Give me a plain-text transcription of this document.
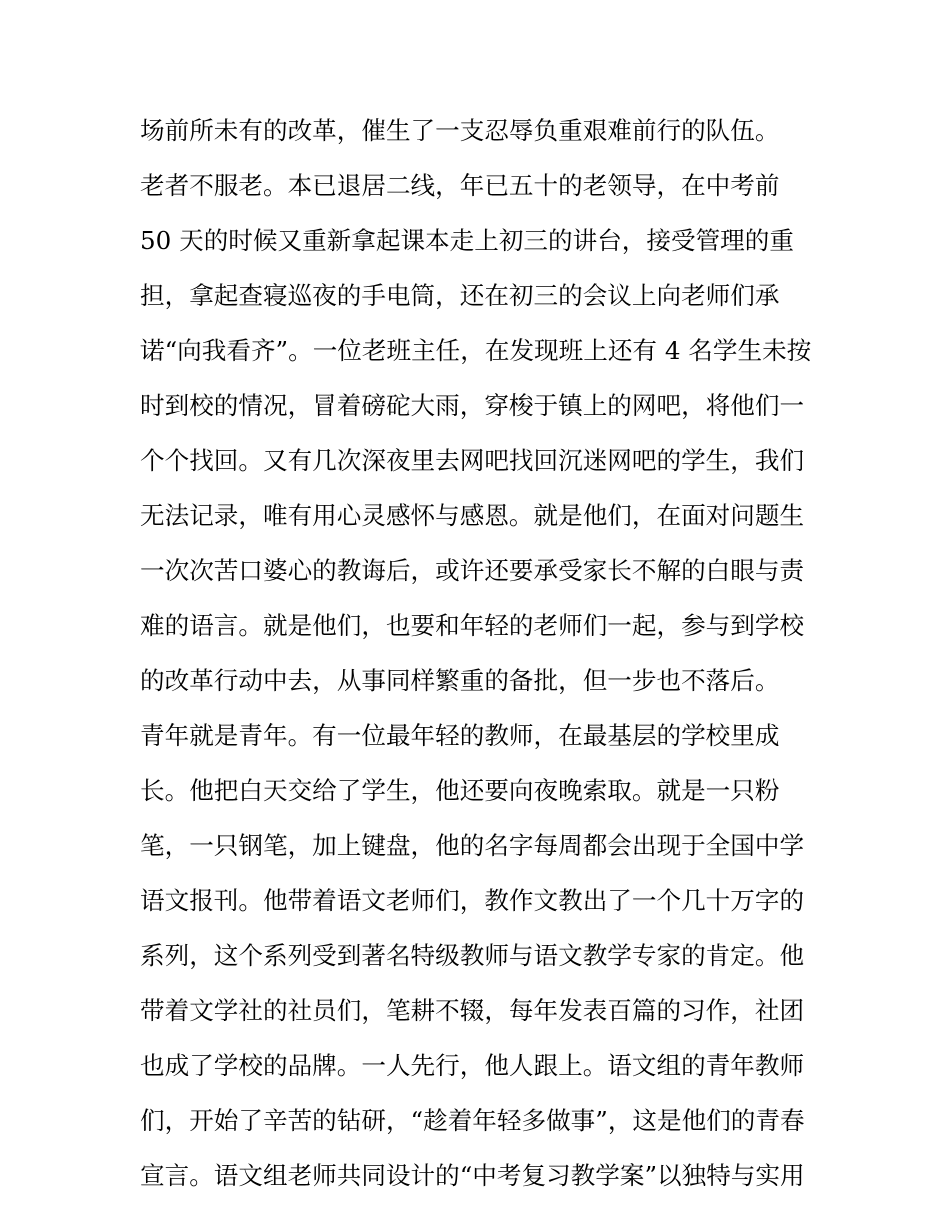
场前所未有的改革，催生了一支忍辱负重艰难前行的队伍。
老者不服老。本已退居二线，年已五十的老领导，在中考前
50 天的时候又重新拿起课本走上初三的讲台，接受管理的重
担，拿起查寝巡夜的手电筒，还在初三的会议上向老师们承
诺“向我看齐”。一位老班主任，在发现班上还有 4 名学生未按
时到校的情况，冒着磅砣大雨，穿梭于镇上的网吧，将他们一
个个找回。又有几次深夜里去网吧找回沉迷网吧的学生，我们
无法记录，唯有用心灵感怀与感恩。就是他们，在面对问题生
一次次苦口婆心的教诲后，或许还要承受家长不解的白眼与责
难的语言。就是他们，也要和年轻的老师们一起，参与到学校
的改革行动中去，从事同样繁重的备批，但一步也不落后。
青年就是青年。有一位最年轻的教师，在最基层的学校里成
长。他把白天交给了学生，他还要向夜晚索取。就是一只粉
笔，一只钢笔，加上键盘，他的名字每周都会出现于全国中学
语文报刊。他带着语文老师们，教作文教出了一个几十万字的
系列，这个系列受到著名特级教师与语文教学专家的肯定。他
带着文学社的社员们，笔耕不辍，每年发表百篇的习作，社团
也成了学校的品牌。一人先行，他人跟上。语文组的青年教师
们，开始了辛苦的钻研，“趁着年轻多做事”，这是他们的青春
宣言。语文组老师共同设计的“中考复习教学案”以独特与实用
